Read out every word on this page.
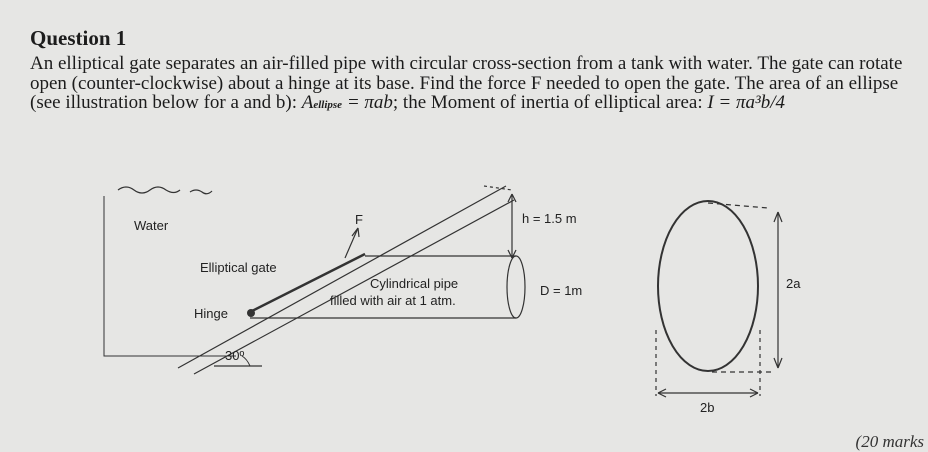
Question 1

An elliptical gate separates an air-filled pipe with circular cross-section from a tank with water. The gate can rotate open (counter-clockwise) about a hinge at its base. Find the force F needed to open the gate. The area of an ellipse (see illustration below for a and b): Aellipse = πab; the Moment of inertia of elliptical area: I = πa³b/4

Water	F	h = 1.5 m
Elliptical gate
Cylindrical pipe
filled with air at 1 atm.
D = 1m
Hinge
30º
2a
2b
(20 marks
